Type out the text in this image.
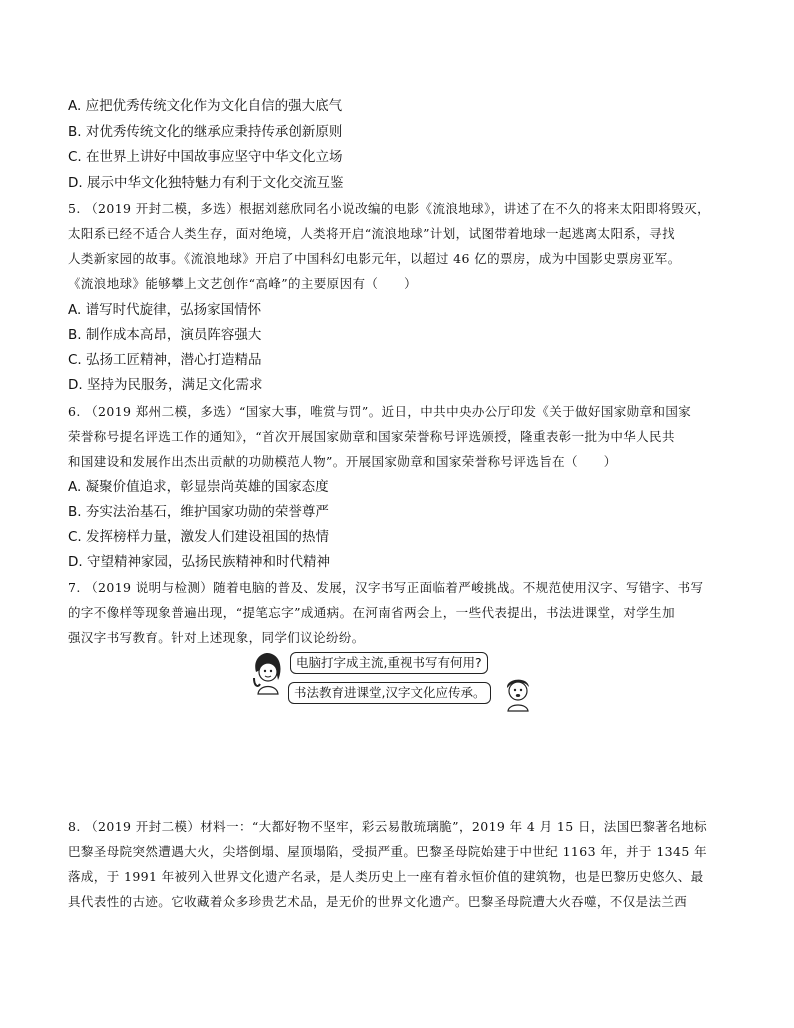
A. 应把优秀传统文化作为文化自信的强大底气
B. 对优秀传统文化的继承应秉持传承创新原则
C. 在世界上讲好中国故事应坚守中华文化立场
D. 展示中华文化独特魅力有利于文化交流互鉴
5. （2019 开封二模，多选）根据刘慈欣同名小说改编的电影《流浪地球》，讲述了在不久的将来太阳即将毁灭，
太阳系已经不适合人类生存，面对绝境，人类将开启“流浪地球”计划，试图带着地球一起逃离太阳系，寻找
人类新家园的故事。《流浪地球》开启了中国科幻电影元年，以超过 46 亿的票房，成为中国影史票房亚军。
《流浪地球》能够攀上文艺创作“高峰”的主要原因有（　　）
A. 谱写时代旋律，弘扬家国情怀
B. 制作成本高昂，演员阵容强大
C. 弘扬工匠精神，潜心打造精品
D. 坚持为民服务，满足文化需求
6. （2019 郑州二模，多选）“国家大事，唯赏与罚”。近日，中共中央办公厅印发《关于做好国家勋章和国家
荣誉称号提名评选工作的通知》，“首次开展国家勋章和国家荣誉称号评选颁授，隆重表彰一批为中华人民共
和国建设和发展作出杰出贡献的功勋模范人物”。开展国家勋章和国家荣誉称号评选旨在（　　）
A. 凝聚价值追求，彰显崇尚英雄的国家态度
B. 夯实法治基石，维护国家功勋的荣誉尊严
C. 发挥榜样力量，激发人们建设祖国的热情
D. 守望精神家园，弘扬民族精神和时代精神
7. （2019 说明与检测）随着电脑的普及、发展，汉字书写正面临着严峻挑战。不规范使用汉字、写错字、书写
的字不像样等现象普遍出现，“提笔忘字”成通病。在河南省两会上，一些代表提出，书法进课堂，对学生加
强汉字书写教育。针对上述现象，同学们议论纷纷。
电脑打字成主流,重视书写有何用?
书法教育进课堂,汉字文化应传承。
8. （2019 开封二模）材料一：“大都好物不坚牢，彩云易散琉璃脆”，2019 年 4 月 15 日，法国巴黎著名地标
巴黎圣母院突然遭遇大火，尖塔倒塌、屋顶塌陷，受损严重。巴黎圣母院始建于中世纪 1163 年，并于 1345 年
落成，于 1991 年被列入世界文化遗产名录，是人类历史上一座有着永恒价值的建筑物，也是巴黎历史悠久、最
具代表性的古迹。它收藏着众多珍贵艺术品，是无价的世界文化遗产。巴黎圣母院遭大火吞噬，不仅是法兰西
